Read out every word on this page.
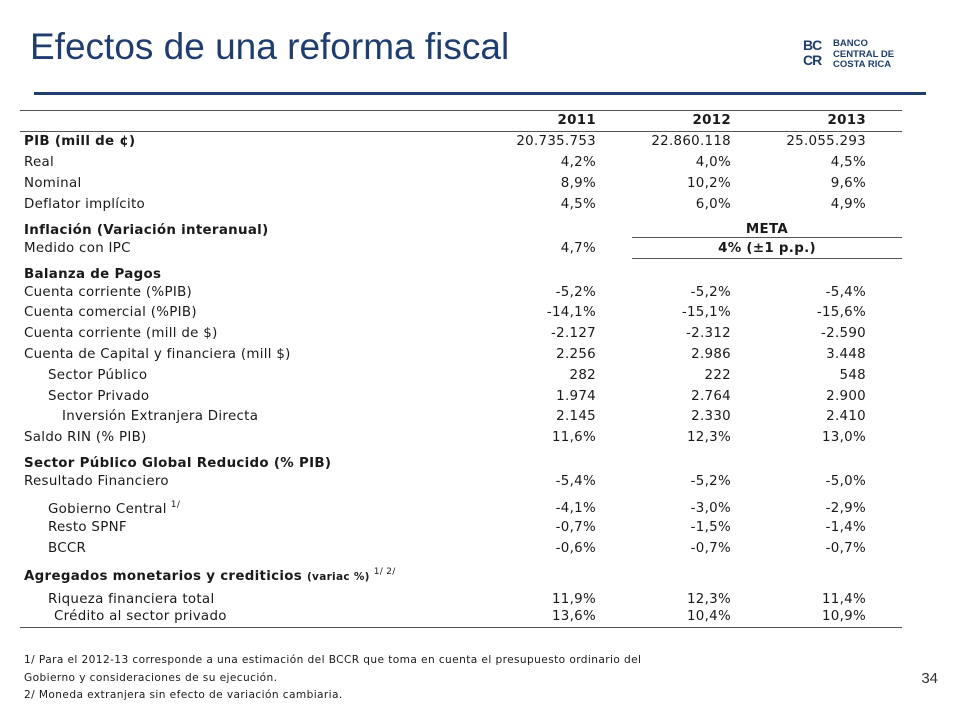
Efectos de una reforma fiscal	BC
CR
BANCO
CENTRAL DE
COSTA RICA
	2011	2012	2013
PIB (mill de ¢)	20.735.753	22.860.118	25.055.293
Real	4,2%	4,0%	4,5%
Nominal	8,9%	10,2%	9,6%
Deflator implícito	4,5%	6,0%	4,9%
Inflación (Variación interanual)		META	
Medido con IPC	4,7%	4% (±1 p.p.)	
Balanza de Pagos			
Cuenta corriente (%PIB)	-5,2%	-5,2%	-5,4%
Cuenta comercial (%PIB)	-14,1%	-15,1%	-15,6%
Cuenta corriente (mill de $)	-2.127	-2.312	-2.590
Cuenta de Capital y financiera (mill $)	2.256	2.986	3.448
Sector Público	282	222	548
Sector Privado	1.974	2.764	2.900
Inversión Extranjera Directa	2.145	2.330	2.410
Saldo RIN (% PIB)	11,6%	12,3%	13,0%
Sector Público Global Reducido (% PIB)			
Resultado Financiero	-5,4%	-5,2%	-5,0%
Gobierno Central $^{1/}$	-4,1%	-3,0%	-2,9%
Resto SPNF	-0,7%	-1,5%	-1,4%
BCCR	-0,6%	-0,7%	-0,7%
Agregados monetarios y crediticios (variac %) $^{1/ 2/}$			
Riqueza financiera total	11,9%	12,3%	11,4%
Crédito al sector privado	13,6%	10,4%	10,9%

1/ Para el 2012-13 corresponde a una estimación del BCCR que toma en cuenta el presupuesto ordinario del

Gobierno y consideraciones de su ejecución.

2/ Moneda extranjera sin efecto de variación cambiaria.

34
